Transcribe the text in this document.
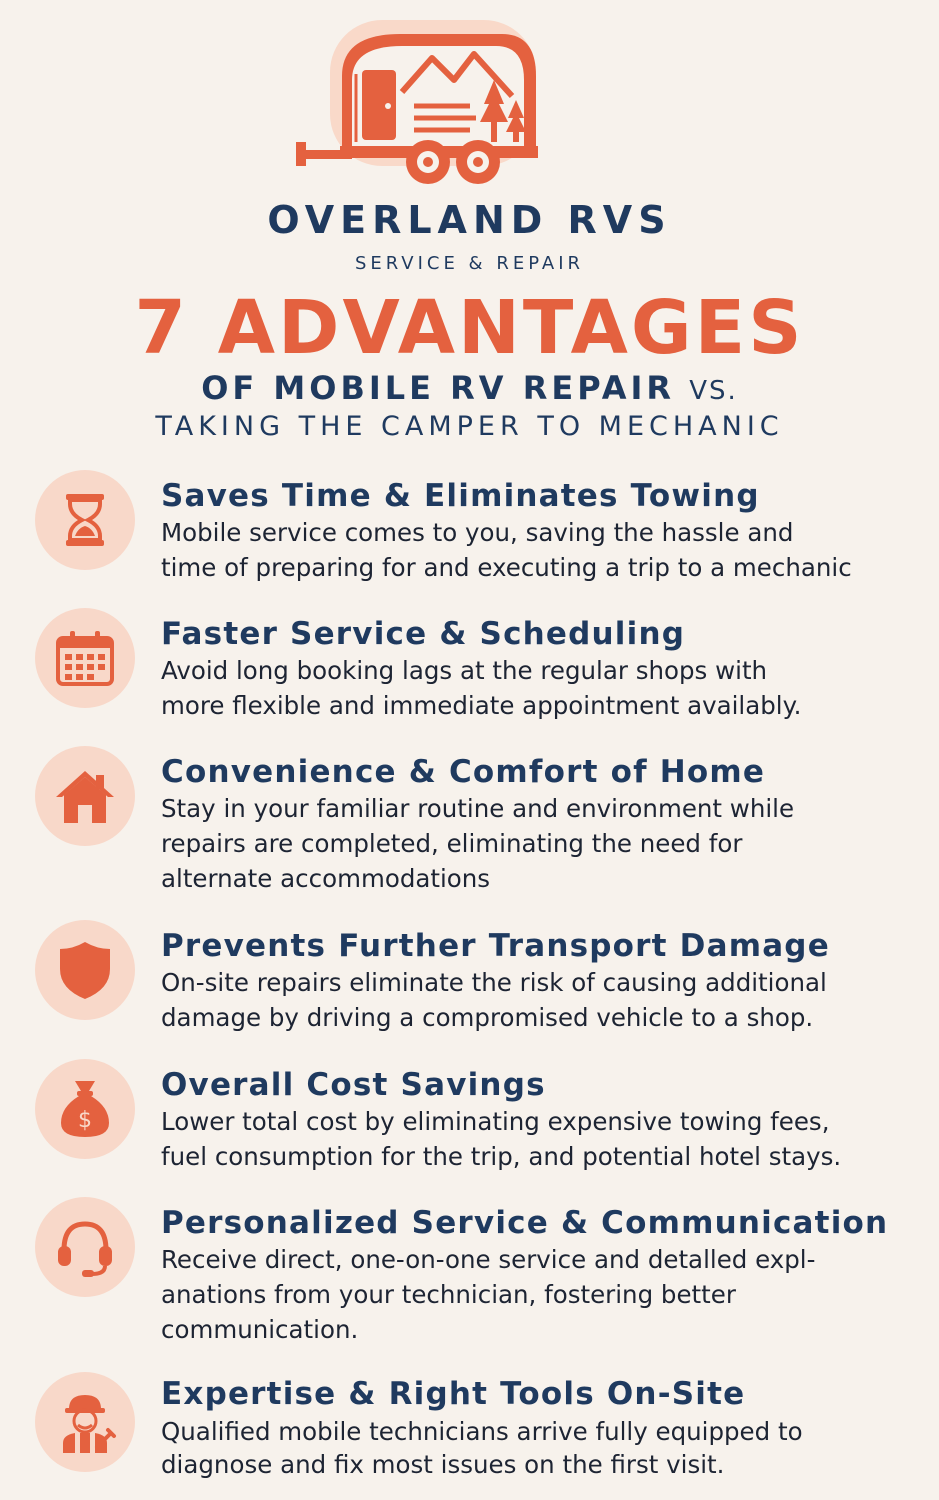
OVERLAND RVS
SERVICE & REPAIR
7 ADVANTAGES
OF MOBILE RV REPAIR VS.
TAKING THE CAMPER TO MECHANIC
Saves Time & Eliminates Towing
Mobile service comes to you, saving the hassle and
time of preparing for and executing a trip to a mechanic
Faster Service & Scheduling
Avoid long booking lags at the regular shops with
more flexible and immediate appointment availably.
Convenience & Comfort of Home
Stay in your familiar routine and environment while
repairs are completed, eliminating the need for
alternate accommodations
Prevents Further Transport Damage
On-site repairs eliminate the risk of causing additional
damage by driving a compromised vehicle to a shop.
$
Overall Cost Savings
Lower total cost by eliminating expensive towing fees,
fuel consumption for the trip, and potential hotel stays.
Personalized Service & Communication
Receive direct, one-on-one service and detalled expl-
anations from your technician, fostering better
communication.
Expertise & Right Tools On-Site
Qualified mobile technicians arrive fully equipped to
diagnose and fix most issues on the first visit.
